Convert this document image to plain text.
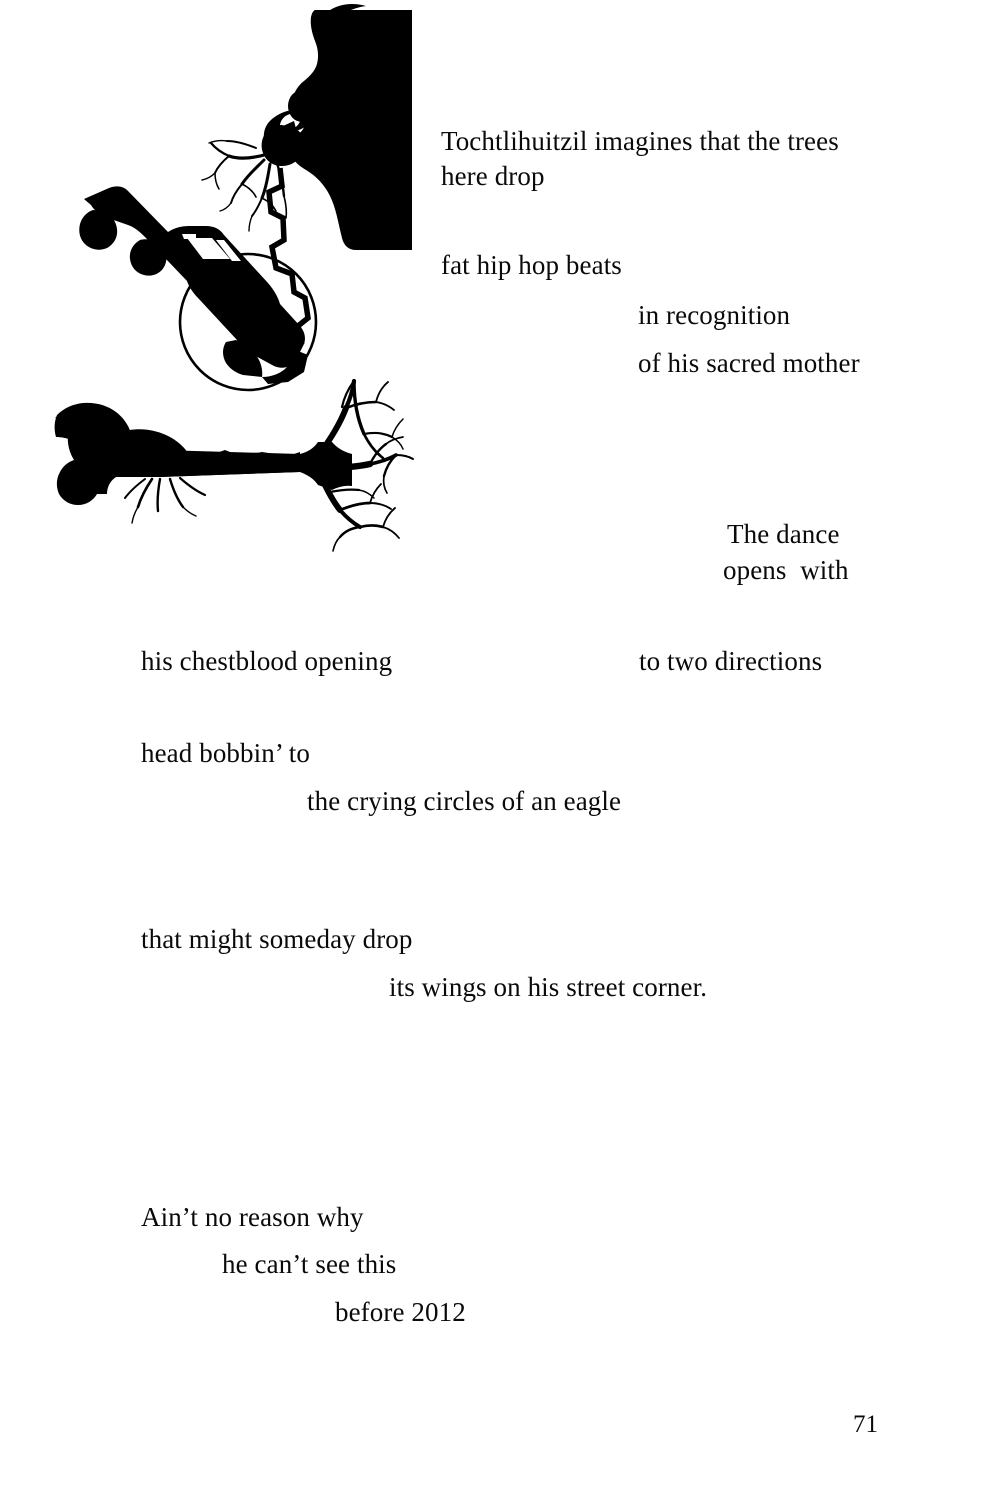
Tochtlihuitzil imagines that the trees
here drop
fat hip hop beats
in recognition
of his sacred mother
The dance
opens  with
his chestblood opening	to two directions
head bobbin’ to
the crying circles of an eagle
that might someday drop
its wings on his street corner.
Ain’t no reason why
he can’t see this
before 2012
71
